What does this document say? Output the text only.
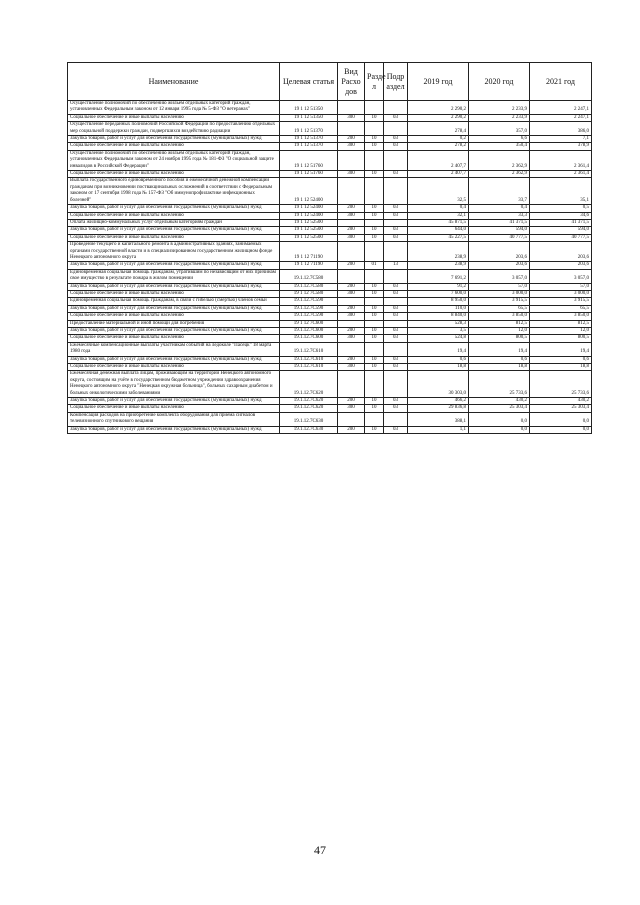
Наименование	Целевая статья	Вид Расхо дов	Разде л	Подр аздел	2019 год	2020 год	2021 год
Осуществление полномочий по обеспечению жильем отдельных категорий граждан, установленных Федеральным законом от 12 января 1995 года № 5-ФЗ "О ветеранах"	19 1 12 51350				2 290,2	2 233,9	2 247,1
Социальное обеспечение и иные выплаты населению	19 1 12 51350	300	10	03	2 290,2	2 233,9	2 247,1
Осуществление переданных полномочий Российской Федерации по предоставлению отдельных мер социальной поддержки граждан, подвергшихся воздействию радиации	19 1 12 51370				278,4	357,0	386,0
Закупка товаров, работ и услуг для обеспечения государственных (муниципальных) нужд	19 1 12 51370	200	10	03	0,2	6,6	7,1
Социальное обеспечение и иные выплаты населению	19 1 12 51370	300	10	03	278,2	350,4	378,9
Осуществление полномочий по обеспечению жильем отдельных категорий граждан, установленных Федеральным законом от 24 ноября 1995 года № 181-ФЗ "О социальной защите инвалидов в Российской Федерации"	19 1 12 51760				2 407,7	2 362,9	2 361,4
Социальное обеспечение и иные выплаты населению	19 1 12 51760	300	10	03	2 407,7	2 362,9	2 361,4
Выплата государственного единовременного пособия и ежемесячной денежной компенсации гражданам при возникновении поствакцинальных осложнений в соответствии с Федеральным законом от 17 сентября 1998 года № 157-ФЗ "Об иммунопрофилактике инфекционных болезней"	19 1 12 52400				32,5	33,7	35,1
Закупка товаров, работ и услуг для обеспечения государственных (муниципальных) нужд	19 1 12 52400	200	10	03	0,4	0,4	0,5
Социальное обеспечение и иные выплаты населению	19 1 12 52400	300	10	03	32,1	33,3	34,6
Оплата жилищно-коммунальных услуг отдельным категориям граждан	19 1 12 52500				45 871,5	41 371,5	41 371,5
Закупка товаров, работ и услуг для обеспечения государственных (муниципальных) нужд	19 1 12 52500	200	10	03	644,0	594,0	594,0
Социальное обеспечение и иные выплаты населению	19 1 12 52500	300	10	03	45 227,5	40 777,5	40 777,5
Проведение текущего и капитального ремонта в административных зданиях, занимаемых органами государственной власти и в специализированном государственном жилищном фонде Ненецкого автономного округа	19 1 12 71190				238,9	203,6	203,6
Закупка товаров, работ и услуг для обеспечения государственных (муниципальных) нужд	19 1 12 71190	200	01	13	238,9	203,6	203,6
Единовременная социальная помощь гражданам, утратившим по независящим от них причинам свое имущество в результате пожара в жилом помещении	19.1.12.7С580				7 691,2	3 057,0	3 057,0
Закупка товаров, работ и услуг для обеспечения государственных (муниципальных) нужд	19.1.12.7С580	200	10	03	91,2	57,0	57,0
Социальное обеспечение и иные выплаты населению	19 1 12 7С580	300	10	03	7 600,0	3 000,0	3 000,0
Единовременная социальная помощь гражданам, в связи с гибелью (смертью) членов семьи	19.1.12.7С590				8 950,0	3 915,5	3 915,5
Закупка товаров, работ и услуг для обеспечения государственных (муниципальных) нужд	19.1.12.7С590	200	10	03	110,0	65,5	65,5
Социальное обеспечение и иные выплаты населению	19.1.12.7С590	300	10	03	8 840,0	3 850,0	3 850,0
Предоставление материальной и иной помощи для погребения	19 1 12 7С600				528,3	812,5	812,5
Закупка товаров, работ и услуг для обеспечения государственных (муниципальных) нужд	19.1.12.7С600	200	10	03	3,5	12,0	12,0
Социальное обеспечение и иные выплаты населению	19.1.12.7С600	300	10	03	524,8	800,5	800,5
Ежемесячные компенсационные выплаты участникам событий на ледоколе "Пасецк" 18 марта 1980 года	19.1.12.7С610				19,4	19,4	19,4
Закупка товаров, работ и услуг для обеспечения государственных (муниципальных) нужд	19.1.12.7С610	200	10	03	0,6	0,6	0,6
Социальное обеспечение и иные выплаты населению	19.1.12.7С610	300	10	03	18,8	18,8	18,8
Ежемесячная денежная выплата лицам, проживающим на территории Ненецкого автономного округа, состоящим на учёте в государственном бюджетном учреждении здравоохранения Ненецкого автономного округа "Ненецкая окружная больница", больных сахарным диабетом и больных онкологическими заболеваниями	19.1.12.7С620				30 303,0	25 733,6	25 733,6
Закупка товаров, работ и услуг для обеспечения государственных (муниципальных) нужд	19.1.12.7С620	200	10	03	466,2	430,2	430,2
Социальное обеспечение и иные выплаты населению	19.1.12.7С620	300	10	03	29 836,8	25 303,4	25 303,4
Компенсация расходов на приобретение комплекта оборудования для приёма сигналов телевизионного спутникового вещания	19.1.12.7С630				388,1	0,0	0,0
Закупка товаров, работ и услуг для обеспечения государственных (муниципальных) нужд	19.1.12.7С630	200	10	03	1,1	0,0	0,0
47
